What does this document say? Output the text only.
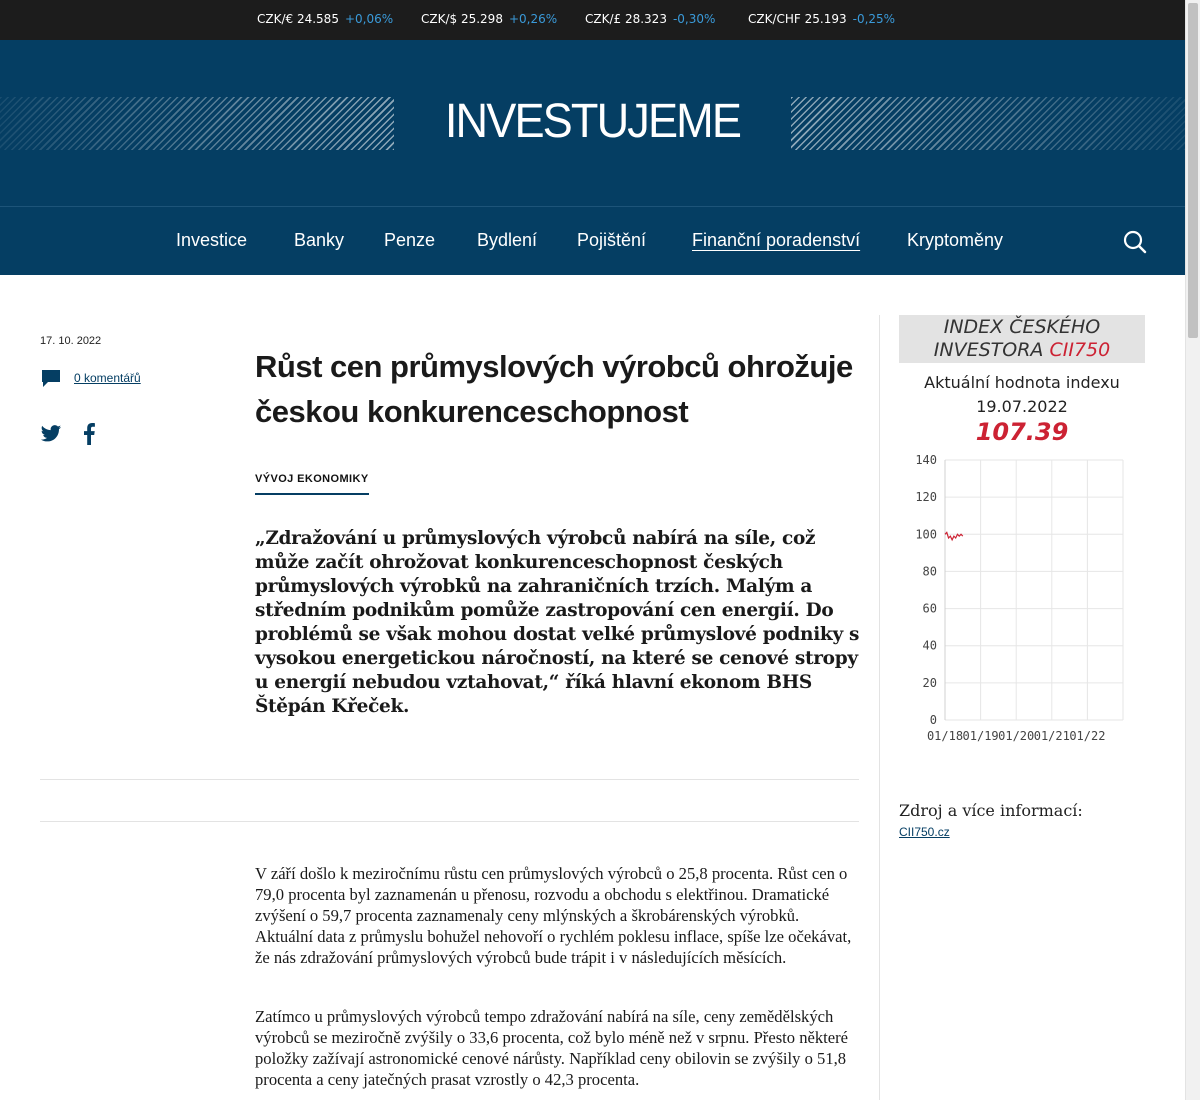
CZK/€ 24.585 +0,06% CZK/$ 25.298 +0,26% CZK/£ 28.323 -0,30%	CZK/CHF 25.193 -0,25%
INVESTUJEME
Investice	Banky Penze Bydlení Pojištění	Finanční poradenství	Kryptoměny
17. 10. 2022
0 komentářů	Růst cen průmyslových výrobců ohrožuje českou konkurenceschopnost
VÝVOJ EKONOMIKY
„Zdražování u průmyslových výrobců nabírá na síle, což může začít ohrožovat konkurenceschopnost českých průmyslových výrobků na zahraničních trzích. Malým a středním podnikům pomůže zastropování cen energií. Do problémů se však mohou dostat velké průmyslové podniky s vysokou energetickou náročností, na které se cenové stropy u energií nebudou vztahovat,“ říká hlavní ekonom BHS Štěpán Křeček.

V září došlo k meziročnímu růstu cen průmyslových výrobců o 25,8 procenta. Růst cen o 79,0 procenta byl zaznamenán u přenosu, rozvodu a obchodu s elektřinou. Dramatické zvýšení o 59,7 procenta zaznamenaly ceny mlýnských a škrobárenských výrobků. Aktuální data z průmyslu bohužel nehovoří o rychlém poklesu inflace, spíše lze očekávat, že nás zdražování průmyslových výrobců bude trápit i v následujících měsících.

Zatímco u průmyslových výrobců tempo zdražování nabírá na síle, ceny zemědělských výrobců se meziročně zvýšily o 33,6 procenta, což bylo méně než v srpnu. Přesto některé položky zažívají astronomické cenové nárůsty. Například ceny obilovin se zvýšily o 51,8 procenta a ceny jatečných prasat vzrostly o 42,3 procenta.

INDEX ČESKÉHO
INVESTORA CII750
Aktuální hodnota indexu
19.07.2022
107.39
0
20
40
60
80
100
120
140
01/18 01/19 01/20 01/21 01/22
Zdroj a více informací:
CII750.cz
